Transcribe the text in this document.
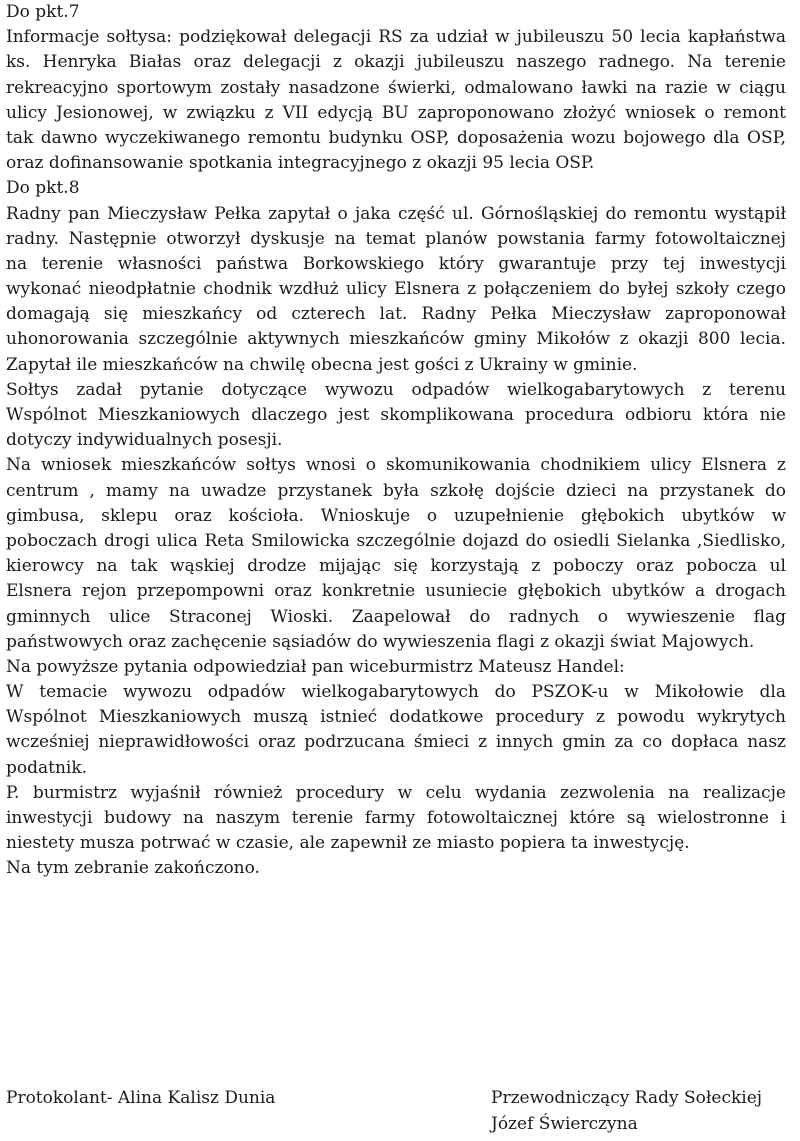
Do pkt.7
Informacje sołtysa: podziękował delegacji RS za udział w jubileuszu 50 lecia kapłaństwa
ks. Henryka Białas oraz delegacji z okazji jubileuszu naszego radnego. Na terenie
rekreacyjno sportowym zostały nasadzone świerki, odmalowano ławki na razie w ciągu
ulicy Jesionowej, w związku z VII edycją BU zaproponowano złożyć wniosek o remont
tak dawno wyczekiwanego remontu budynku OSP, doposażenia wozu bojowego dla OSP,
oraz dofinansowanie spotkania integracyjnego z okazji 95 lecia OSP.
Do pkt.8
Radny pan Mieczysław Pełka zapytał o jaka część ul. Górnośląskiej do remontu wystąpił
radny. Następnie otworzył dyskusje na temat planów powstania farmy fotowoltaicznej
na terenie własności państwa Borkowskiego który gwarantuje przy tej inwestycji
wykonać nieodpłatnie chodnik wzdłuż ulicy Elsnera z połączeniem do byłej szkoły czego
domagają się mieszkańcy od czterech lat. Radny Pełka Mieczysław zaproponował
uhonorowania szczególnie aktywnych mieszkańców gminy Mikołów z okazji 800 lecia.
Zapytał ile mieszkańców na chwilę obecna jest gości z Ukrainy w gminie.
Sołtys zadał pytanie dotyczące wywozu odpadów wielkogabarytowych z terenu
Wspólnot Mieszkaniowych dlaczego jest skomplikowana procedura odbioru która nie
dotyczy indywidualnych posesji.
Na wniosek mieszkańców sołtys wnosi o skomunikowania chodnikiem ulicy Elsnera z
centrum , mamy na uwadze przystanek była szkołę dojście dzieci na przystanek do
gimbusa, sklepu oraz kościoła. Wnioskuje o uzupełnienie głębokich ubytków w
poboczach drogi ulica Reta Smilowicka szczególnie dojazd do osiedli Sielanka ,Siedlisko,
kierowcy na tak wąskiej drodze mijając się korzystają z poboczy oraz pobocza ul
Elsnera rejon przepompowni oraz konkretnie usuniecie głębokich ubytków a drogach
gminnych ulice Straconej Wioski. Zaapelował do radnych o wywieszenie flag
państwowych oraz zachęcenie sąsiadów do wywieszenia flagi z okazji świat Majowych.
Na powyższe pytania odpowiedział pan wiceburmistrz Mateusz Handel:
W temacie wywozu odpadów wielkogabarytowych do PSZOK-u w Mikołowie dla
Wspólnot Mieszkaniowych muszą istnieć dodatkowe procedury z powodu wykrytych
wcześniej nieprawidłowości oraz podrzucana śmieci z innych gmin za co dopłaca nasz
podatnik.
P. burmistrz wyjaśnił również procedury w celu wydania zezwolenia na realizacje
inwestycji budowy na naszym terenie farmy fotowoltaicznej które są wielostronne i
niestety musza potrwać w czasie, ale zapewnił ze miasto popiera ta inwestycję.
Na tym zebranie zakończono.
Protokolant- Alina Kalisz Dunia	Przewodniczący Rady Sołeckiej
Józef Świerczyna
